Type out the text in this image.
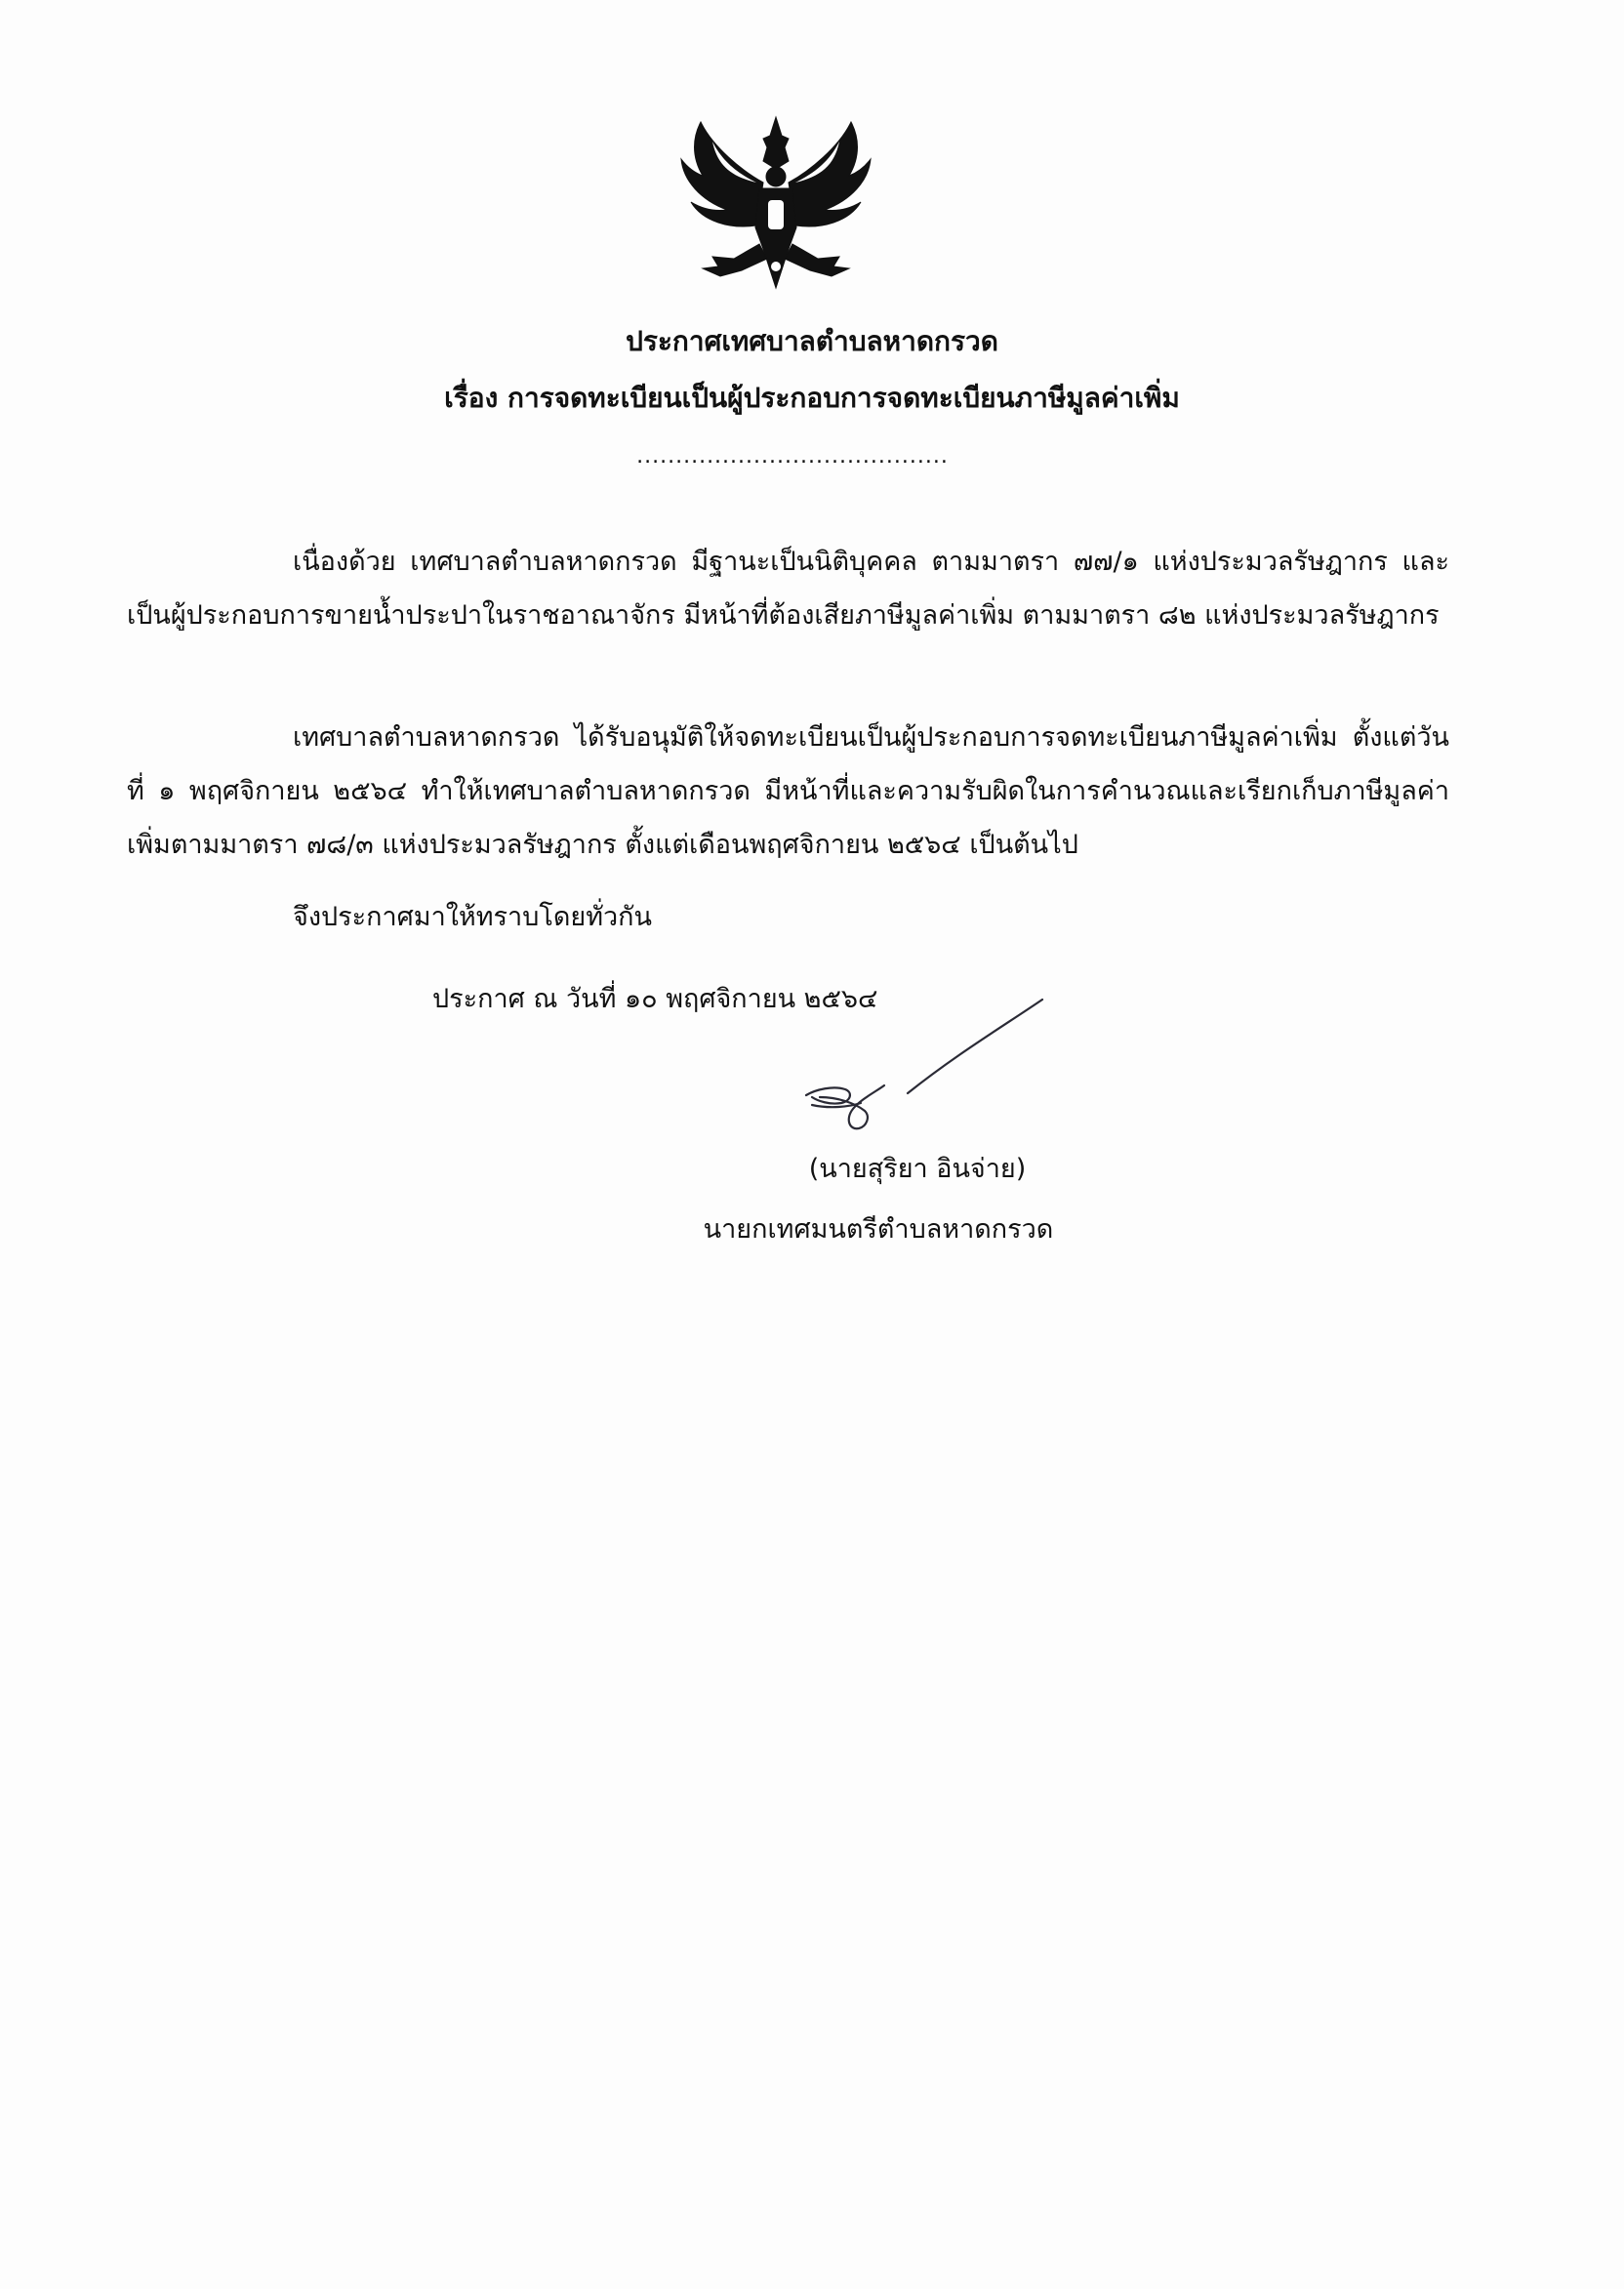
ประกาศเทศบาลตำบลหาดกรวด
เรื่อง การจดทะเบียนเป็นผู้ประกอบการจดทะเบียนภาษีมูลค่าเพิ่ม
........................................

เนื่องด้วย เทศบาลตำบลหาดกรวด มีฐานะเป็นนิติบุคคล ตามมาตรา ๗๗/๑ แห่งประมวลรัษฎากร และเป็นผู้ประกอบการขายน้ำประปาในราชอาณาจักร มีหน้าที่ต้องเสียภาษีมูลค่าเพิ่ม ตามมาตรา ๘๒ แห่งประมวลรัษฎากร

เทศบาลตำบลหาดกรวด ได้รับอนุมัติให้จดทะเบียนเป็นผู้ประกอบการจดทะเบียนภาษีมูลค่าเพิ่ม ตั้งแต่วันที่ ๑ พฤศจิกายน ๒๕๖๔ ทำให้เทศบาลตำบลหาดกรวด มีหน้าที่และความรับผิดในการคำนวณและเรียกเก็บภาษีมูลค่าเพิ่มตามมาตรา ๗๘/๓ แห่งประมวลรัษฎากร ตั้งแต่เดือนพฤศจิกายน ๒๕๖๔ เป็นต้นไป

จึงประกาศมาให้ทราบโดยทั่วกัน
ประกาศ ณ วันที่ ๑๐ พฤศจิกายน ๒๕๖๔
(นายสุริยา อินจ่าย)
นายกเทศมนตรีตำบลหาดกรวด
